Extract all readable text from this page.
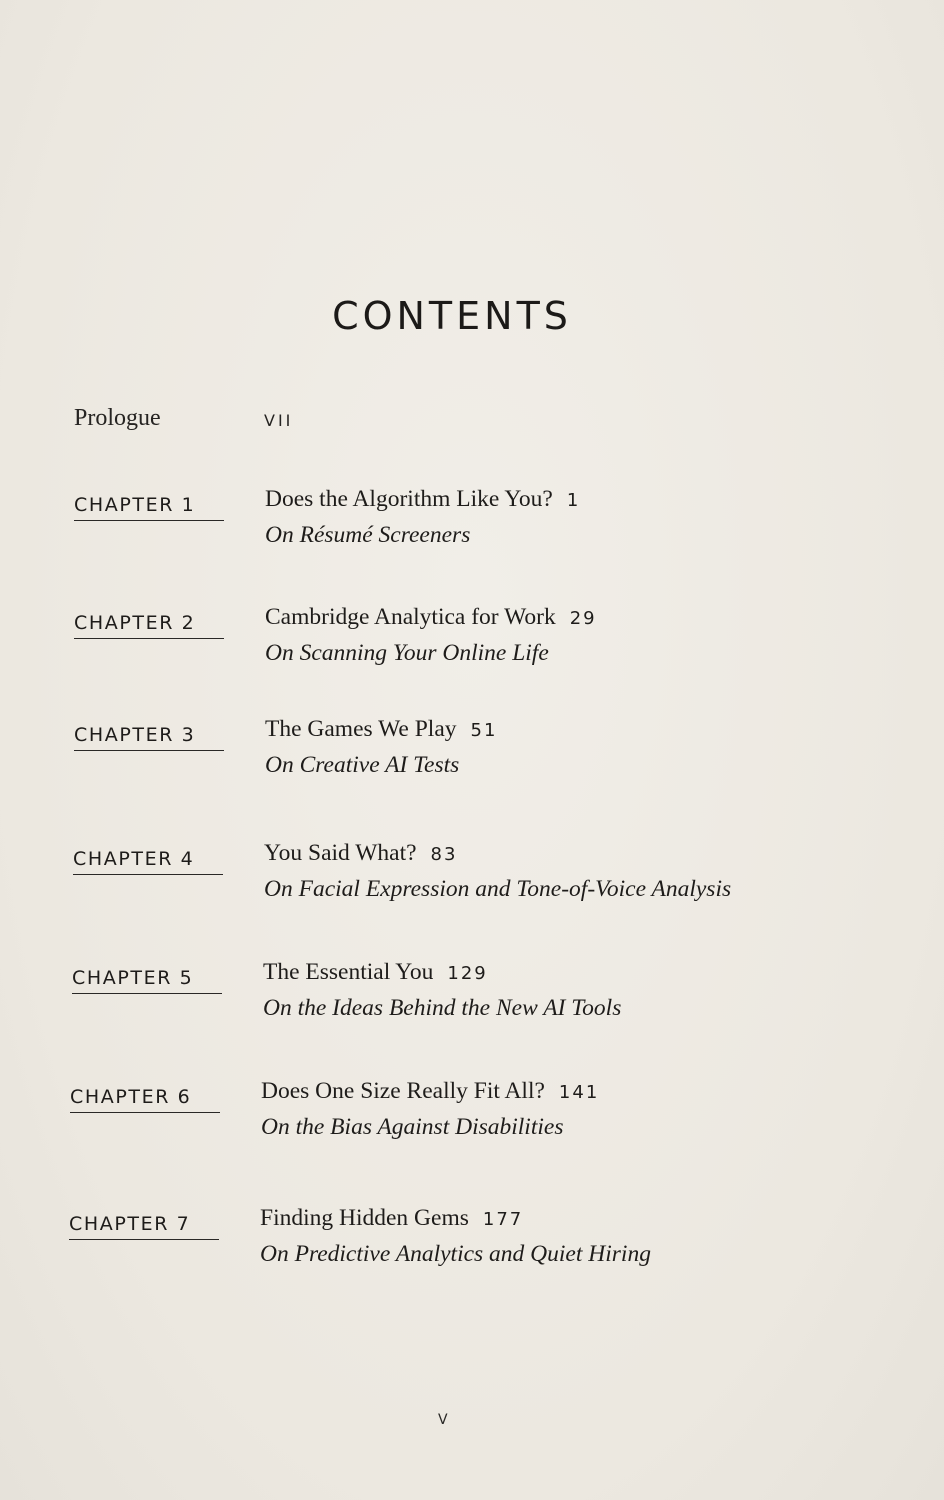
CONTENTS
Prologue	VII
CHAPTER 1	Does the Algorithm Like You? 1
On Résumé Screeners
CHAPTER 2	Cambridge Analytica for Work 29
On Scanning Your Online Life
CHAPTER 3	The Games We Play 51
On Creative AI Tests
CHAPTER 4	You Said What? 83
On Facial Expression and Tone-of-Voice Analysis
CHAPTER 5	The Essential You 129
On the Ideas Behind the New AI Tools
CHAPTER 6	Does One Size Really Fit All? 141
On the Bias Against Disabilities
CHAPTER 7	Finding Hidden Gems 177
On Predictive Analytics and Quiet Hiring
V
